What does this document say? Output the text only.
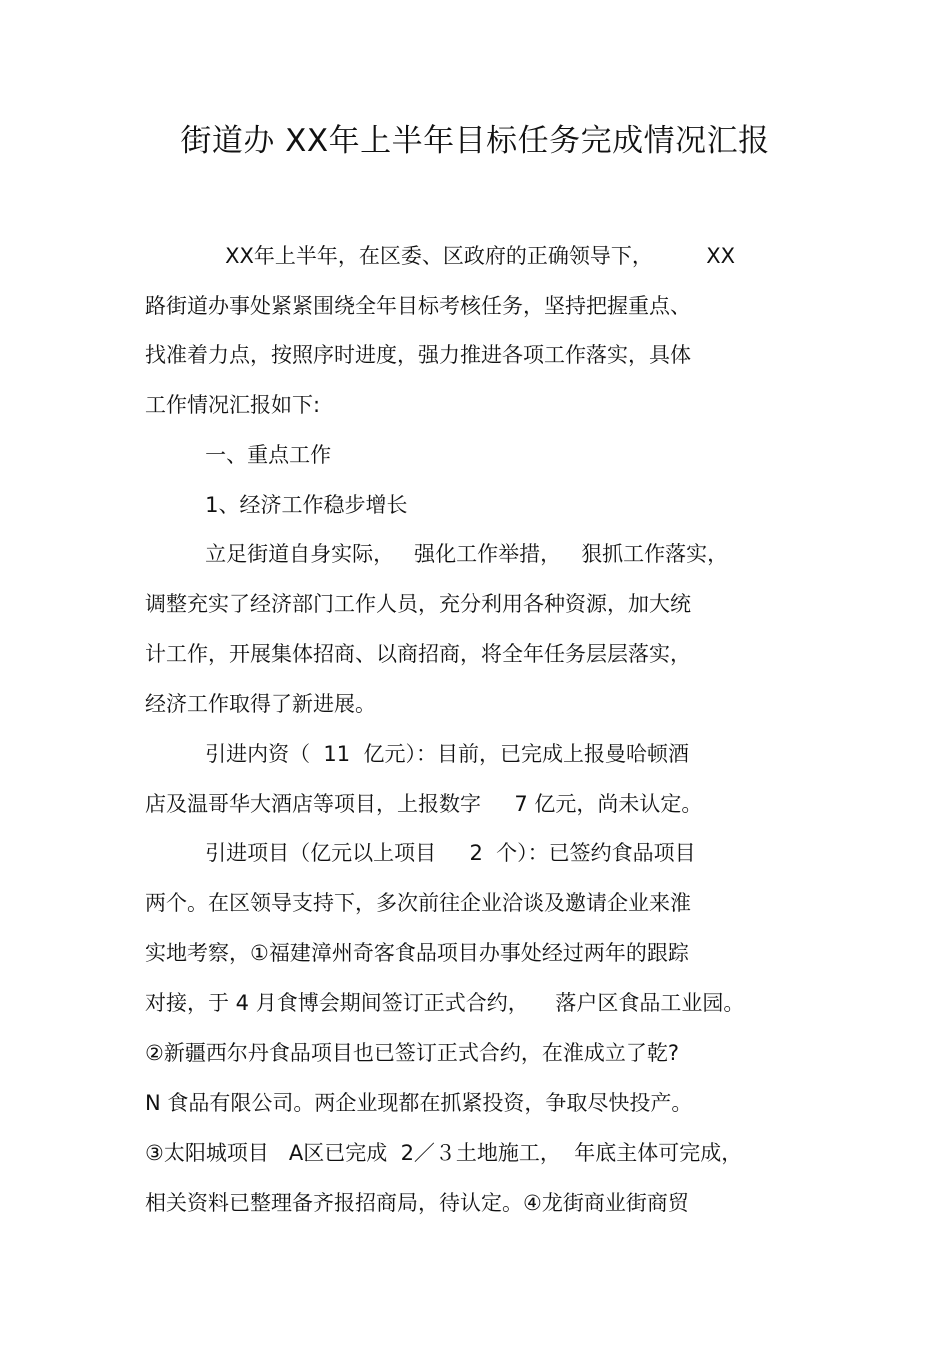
街道办 XX年上半年目标任务完成情况汇报
XX年上半年，在区委、区政府的正确领导下，        XX
路街道办事处紧紧围绕全年目标考核任务，坚持把握重点、
找准着力点，按照序时进度，强力推进各项工作落实，具体
工作情况汇报如下:
一、重点工作
1、经济工作稳步增长
立足街道自身实际，   强化工作举措，   狠抓工作落实，
调整充实了经济部门工作人员，充分利用各种资源，加大统
计工作，开展集体招商、以商招商，将全年任务层层落实，
经济工作取得了新进展。
引进内资（  11  亿元）：目前，已完成上报曼哈顿酒
店及温哥华大酒店等项目，上报数字     7 亿元，尚未认定。
引进项目（亿元以上项目     2  个）：已签约食品项目
两个。在区领导支持下，多次前往企业洽谈及邀请企业来淮
实地考察，①福建漳州奇客食品项目办事处经过两年的跟踪
对接，于 4 月食博会期间签订正式合约，    落户区食品工业园。
②新疆西尔丹食品项目也已签订正式合约，在淮成立了乾?
N 食品有限公司。两企业现都在抓紧投资，争取尽快投产。
③太阳城项目   A区已完成  2／３土地施工，  年底主体可完成，
相关资料已整理备齐报招商局，待认定。④龙街商业街商贸
